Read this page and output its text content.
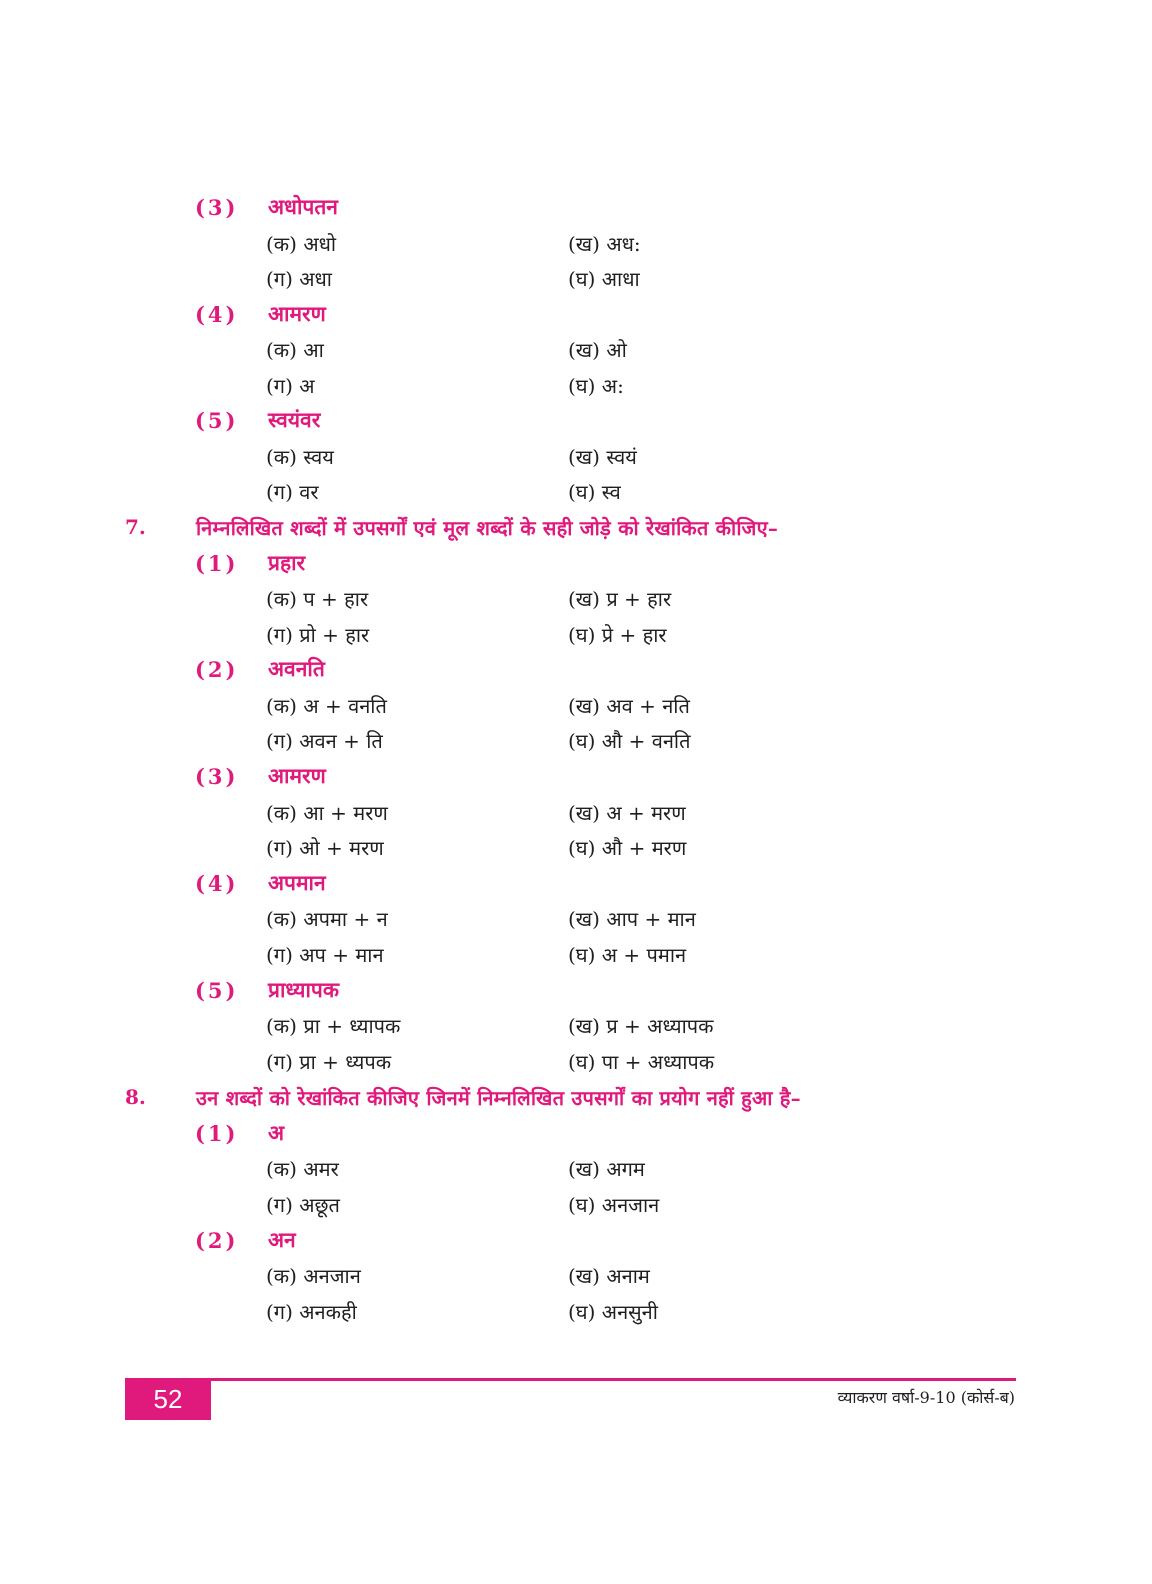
(3) अधोपतन
(क) अधो	(ख) अध:
(ग) अधा	(घ) आधा
(4) आमरण
(क) आ	(ख) ओ
(ग) अ	(घ) अ:
(5) स्वयंवर
(क) स्वय	(ख) स्वयं
(ग) वर	(घ) स्व
7.	निम्नलिखित शब्दों में उपसर्गों एवं मूल शब्दों के सही जोड़े को रेखांकित कीजिए–
(1) प्रहार
(क) प + हार	(ख) प्र + हार
(ग) प्रो + हार	(घ) प्रे + हार
(2) अवनति
(क) अ + वनति	(ख) अव + नति
(ग) अवन + ति	(घ) औ + वनति
(3) आमरण
(क) आ + मरण	(ख) अ + मरण
(ग) ओ + मरण	(घ) औ + मरण
(4) अपमान
(क) अपमा + न	(ख) आप + मान
(ग) अप + मान	(घ) अ + पमान
(5) प्राध्यापक
(क) प्रा + ध्यापक	(ख) प्र + अध्यापक
(ग) प्रा + ध्यपक	(घ) पा + अध्यापक
8.	उन शब्दों को रेखांकित कीजिए जिनमें निम्नलिखित उपसर्गों का प्रयोग नहीं हुआ है–
(1) अ
(क) अमर	(ख) अगम
(ग) अछूत	(घ) अनजान
(2) अन
(क) अनजान	(ख) अनाम
(ग) अनकही	(घ) अनसुनी
52	व्याकरण वर्षा-9-10 (कोर्स-ब)
